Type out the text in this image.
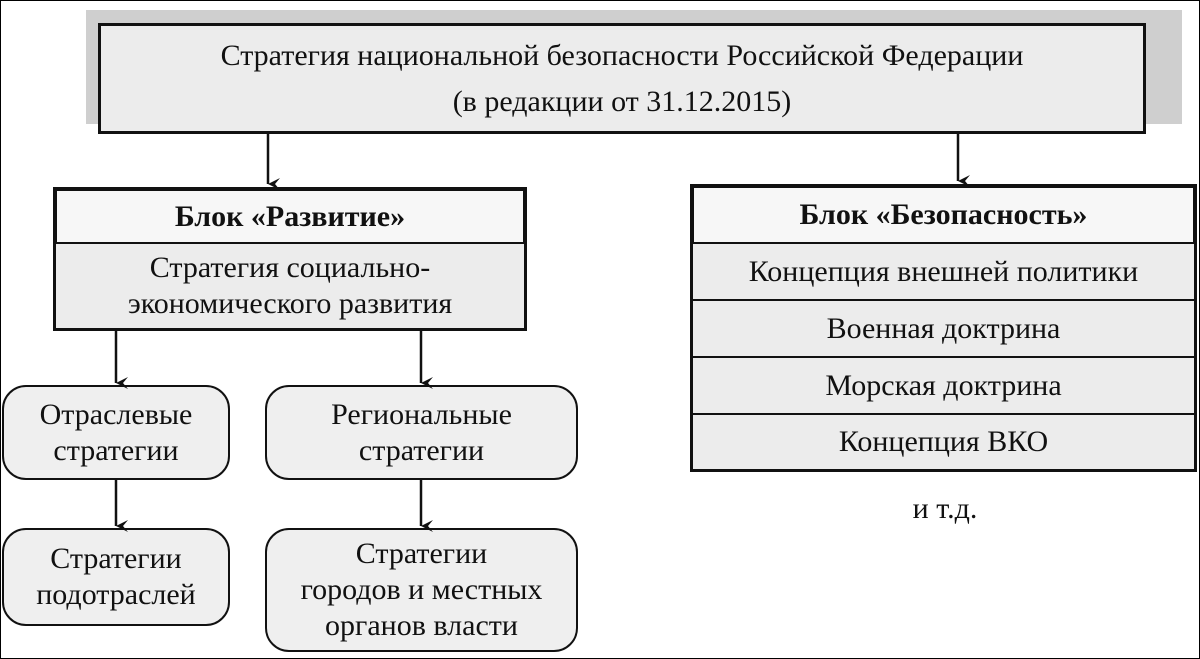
Стратегия национальной безопасности Российской Федерации
(в редакции от 31.12.2015)
Блок «Развитие»
Стратегия социально-
экономического развития
Отраслевые
стратегии
Стратегии
подотраслей
Региональные
стратегии
Стратегии
городов и местных
органов власти
Блок «Безопасность»
Концепция внешней политики
Военная доктрина
Морская доктрина
Концепция ВКО
и т.д.
